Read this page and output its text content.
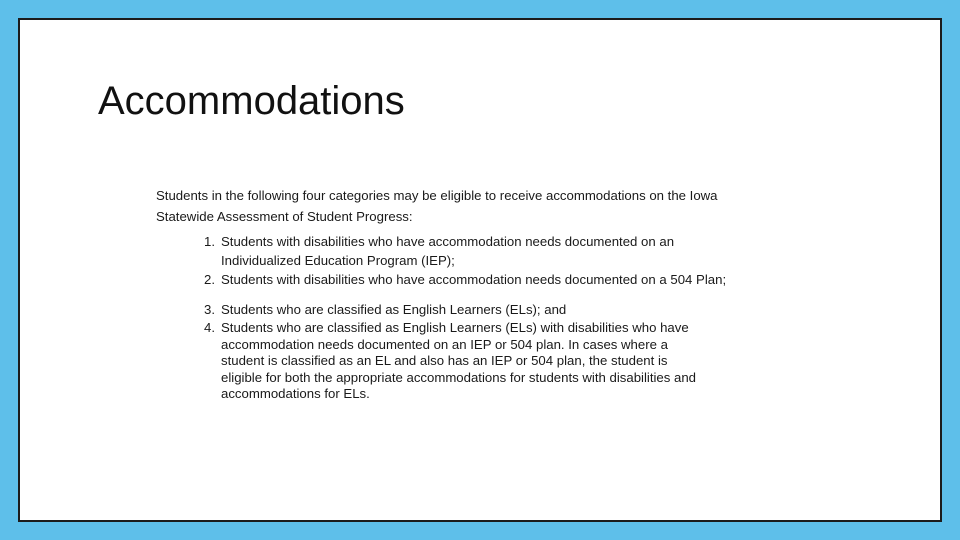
Accommodations

Students in the following four categories may be eligible to receive accommodations on the Iowa
Statewide Assessment of Student Progress:

1. Students with disabilities who have accommodation needs documented on an
Individualized Education Program (IEP);
2. Students with disabilities who have accommodation needs documented on a 504 Plan;
3. Students who are classified as English Learners (ELs); and
4. Students who are classified as English Learners (ELs) with disabilities who have
accommodation needs documented on an IEP or 504 plan. In cases where a
student is classified as an EL and also has an IEP or 504 plan, the student is
eligible for both the appropriate accommodations for students with disabilities and
accommodations for ELs.
